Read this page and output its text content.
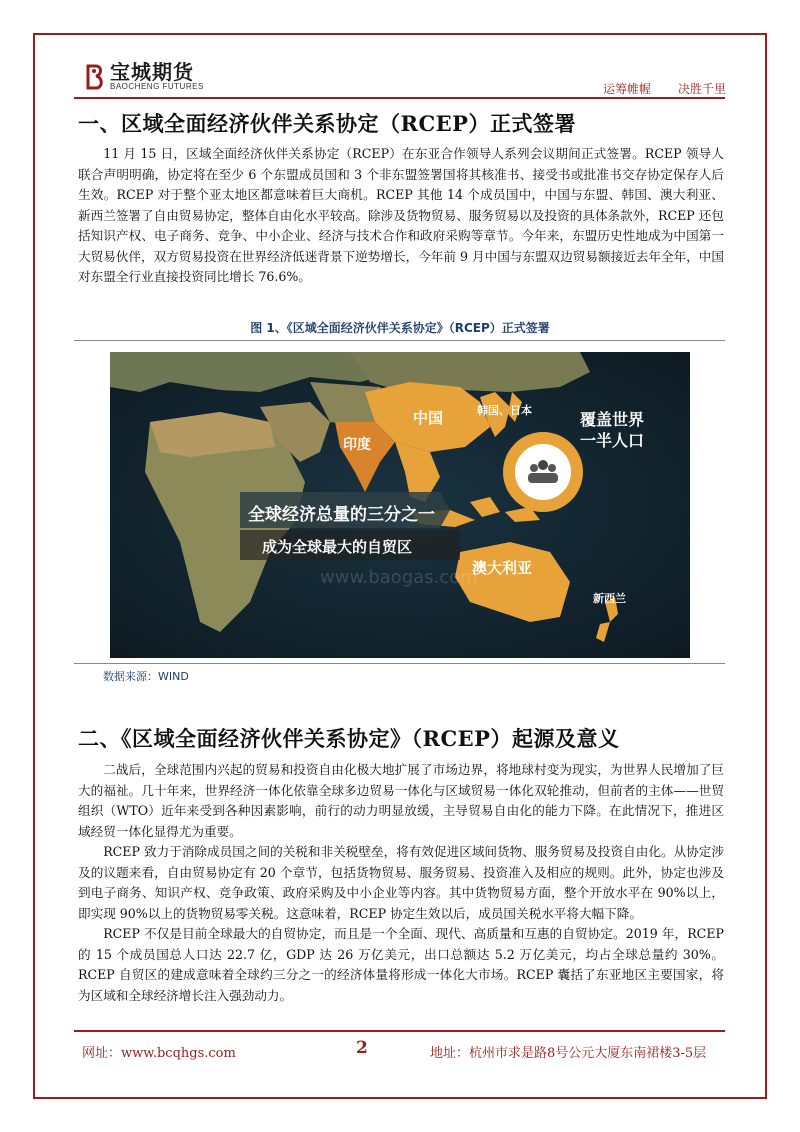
宝城期货
BAOCHENG FUTURES	运筹帷幄 决胜千里
一、区域全面经济伙伴关系协定（RCEP）正式签署

11 月 15 日，区域全面经济伙伴关系协定（RCEP）在东亚合作领导人系列会议期间正式签署。RCEP 领导人联合声明明确，协定将在至少 6 个东盟成员国和 3 个非东盟签署国将其核准书、接受书或批准书交存协定保存人后生效。RCEP 对于整个亚太地区都意味着巨大商机。RCEP 其他 14 个成员国中，中国与东盟、韩国、澳大利亚、新西兰签署了自由贸易协定，整体自由化水平较高。除涉及货物贸易、服务贸易以及投资的具体条款外，RCEP 还包括知识产权、电子商务、竞争、中小企业、经济与技术合作和政府采购等章节。今年来，东盟历史性地成为中国第一大贸易伙伴，双方贸易投资在世界经济低迷背景下逆势增长，今年前 9 月中国与东盟双边贸易额接近去年全年，中国对东盟全行业直接投资同比增长 76.6%。

图 1、《区域全面经济伙伴关系协定》（RCEP）正式签署
中国	韩国、日本
印度
覆盖世界
一半人口
全球经济总量的三分之一
成为全球最大的自贸区
澳大利亚
新西兰
www.baogas.com
数据来源：WIND
二、《区域全面经济伙伴关系协定》（RCEP）起源及意义

二战后，全球范围内兴起的贸易和投资自由化极大地扩展了市场边界，将地球村变为现实，为世界人民增加了巨大的福祉。几十年来，世界经济一体化依靠全球多边贸易一体化与区域贸易一体化双轮推动，但前者的主体——世贸组织（WTO）近年来受到各种因素影响，前行的动力明显放缓，主导贸易自由化的能力下降。在此情况下，推进区域经贸一体化显得尤为重要。

RCEP 致力于消除成员国之间的关税和非关税壁垒，将有效促进区域间货物、服务贸易及投资自由化。从协定涉及的议题来看，自由贸易协定有 20 个章节，包括货物贸易、服务贸易、投资准入及相应的规则。此外，协定也涉及到电子商务、知识产权、竞争政策、政府采购及中小企业等内容。其中货物贸易方面，整个开放水平在 90%以上，即实现 90%以上的货物贸易零关税。这意味着，RCEP 协定生效以后，成员国关税水平将大幅下降。

RCEP 不仅是目前全球最大的自贸协定，而且是一个全面、现代、高质量和互惠的自贸协定。2019 年，RCEP 的 15 个成员国总人口达 22.7 亿，GDP 达 26 万亿美元，出口总额达 5.2 万亿美元，均占全球总量约 30%。RCEP 自贸区的建成意味着全球约三分之一的经济体量将形成一体化大市场。RCEP 囊括了东亚地区主要国家，将为区域和全球经济增长注入强劲动力。

网址：www.bcqhgs.com	2	地址：杭州市求是路8号公元大厦东南裙楼3-5层
